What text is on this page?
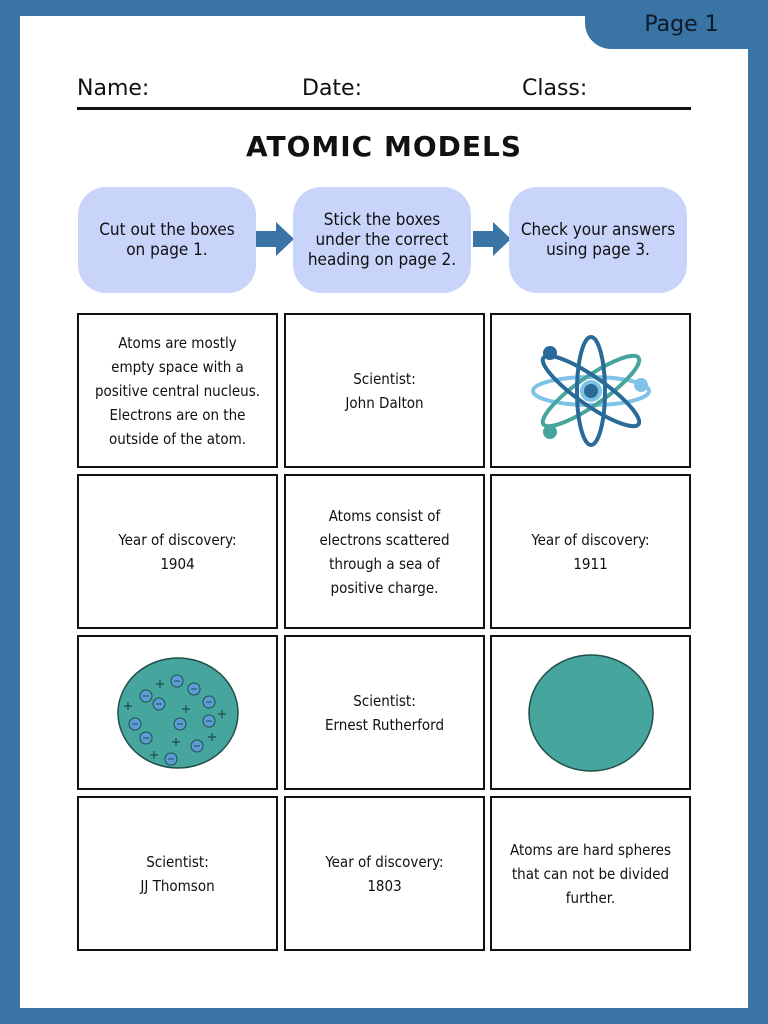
Page 1
Name:	Date:	Class:
ATOMIC MODELS
Cut out the boxes
on page 1.
Stick the boxes
under the correct
heading on page 2.
Check your answers
using page 3.
Atoms are mostly
empty space with a
positive central nucleus.
Electrons are on the
outside of the atom.
Scientist:
John Dalton
Year of discovery:
1904
Atoms consist of
electrons scattered
through a sea of
positive charge.
Year of discovery:
1911
Scientist:
Ernest Rutherford
Scientist:
JJ Thomson
Year of discovery:
1803
Atoms are hard spheres
that can not be divided
further.
